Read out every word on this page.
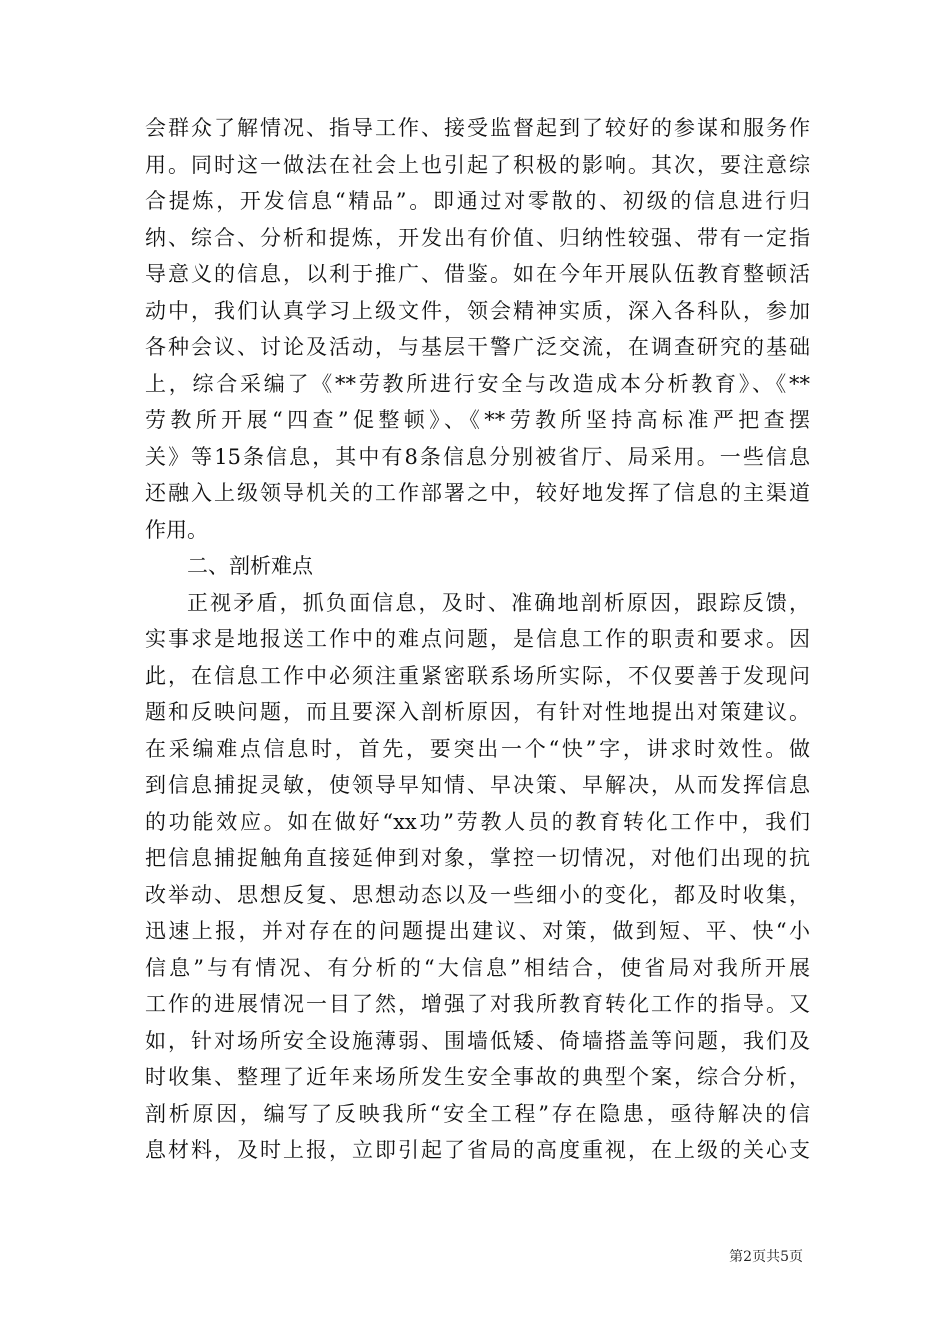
会群众了解情况、指导工作、接受监督起到了较好的参谋和服务作
用。同时这一做法在社会上也引起了积极的影响。其次，要注意综
合提炼，开发信息“精品”。即通过对零散的、初级的信息进行归
纳、综合、分析和提炼，开发出有价值、归纳性较强、带有一定指
导意义的信息，以利于推广、借鉴。如在今年开展队伍教育整顿活
动中，我们认真学习上级文件，领会精神实质，深入各科队，参加
各种会议、讨论及活动，与基层干警广泛交流，在调查研究的基础
上，综合采编了《**劳教所进行安全与改造成本分析教育》、《**
劳教所开展“四查”促整顿》、《**劳教所坚持高标准严把查摆
关》等15条信息，其中有8条信息分别被省厅、局采用。一些信息
还融入上级领导机关的工作部署之中，较好地发挥了信息的主渠道
作用。
二、剖析难点
正视矛盾，抓负面信息，及时、准确地剖析原因，跟踪反馈，
实事求是地报送工作中的难点问题，是信息工作的职责和要求。因
此，在信息工作中必须注重紧密联系场所实际，不仅要善于发现问
题和反映问题，而且要深入剖析原因，有针对性地提出对策建议。
在采编难点信息时，首先，要突出一个“快”字，讲求时效性。做
到信息捕捉灵敏，使领导早知情、早决策、早解决，从而发挥信息
的功能效应。如在做好“xx功”劳教人员的教育转化工作中，我们
把信息捕捉触角直接延伸到对象，掌控一切情况，对他们出现的抗
改举动、思想反复、思想动态以及一些细小的变化，都及时收集，
迅速上报，并对存在的问题提出建议、对策，做到短、平、快“小
信息”与有情况、有分析的“大信息”相结合，使省局对我所开展
工作的进展情况一目了然，增强了对我所教育转化工作的指导。又
如，针对场所安全设施薄弱、围墙低矮、倚墙搭盖等问题，我们及
时收集、整理了近年来场所发生安全事故的典型个案，综合分析，
剖析原因，编写了反映我所“安全工程”存在隐患，亟待解决的信
息材料，及时上报，立即引起了省局的高度重视，在上级的关心支
第2页共5页
